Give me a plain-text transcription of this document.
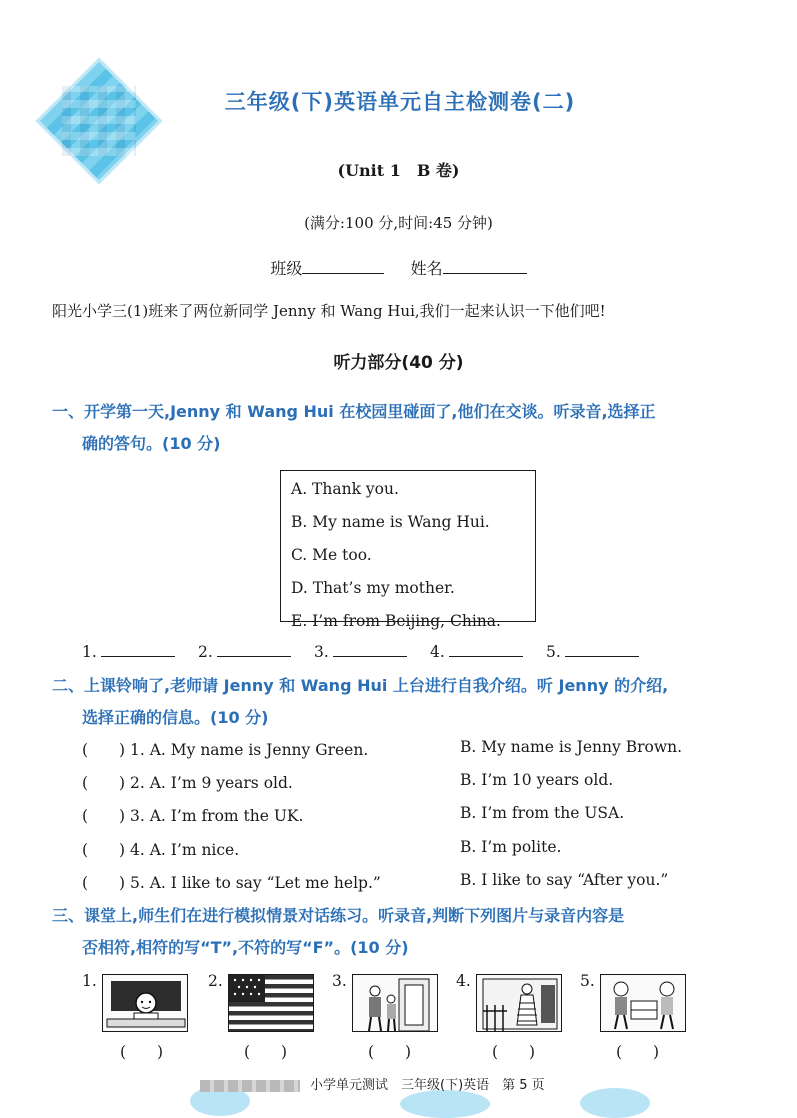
三年级(下)英语单元自主检测卷(二)
(Unit 1　B 卷)
(满分:100 分,时间:45 分钟)
班级	姓名
阳光小学三(1)班来了两位新同学 Jenny 和 Wang Hui,我们一起来认识一下他们吧!
听力部分(40 分)
一、开学第一天,Jenny 和 Wang Hui 在校园里碰面了,他们在交谈。听录音,选择正
确的答句。(10 分)
A. Thank you.
B. My name is Wang Hui.
C. Me too.
D. That’s my mother.
E. I’m from Beijing, China.
1.	2.	3.	4.	5.
二、上课铃响了,老师请 Jenny 和 Wang Hui 上台进行自我介绍。听 Jenny 的介绍,
选择正确的信息。(10 分)
(　　) 1. A. My name is Jenny Green.	B. My name is Jenny Brown.
(　　) 2. A. I’m 9 years old.	B. I’m 10 years old.
(　　) 3. A. I’m from the UK.	B. I’m from the USA.
(　　) 4. A. I’m nice.	B. I’m polite.
(　　) 5. A. I like to say “Let me help.”	B. I like to say “After you.”
三、课堂上,师生们在进行模拟情景对话练习。听录音,判断下列图片与录音内容是
否相符,相符的写“T”,不符的写“F”。(10 分)
1.	2.	3.	4.	5.
(　　)	(　　)	(　　)	(　　)	(　　)
小学单元测试　三年级(下)英语　第 5 页
